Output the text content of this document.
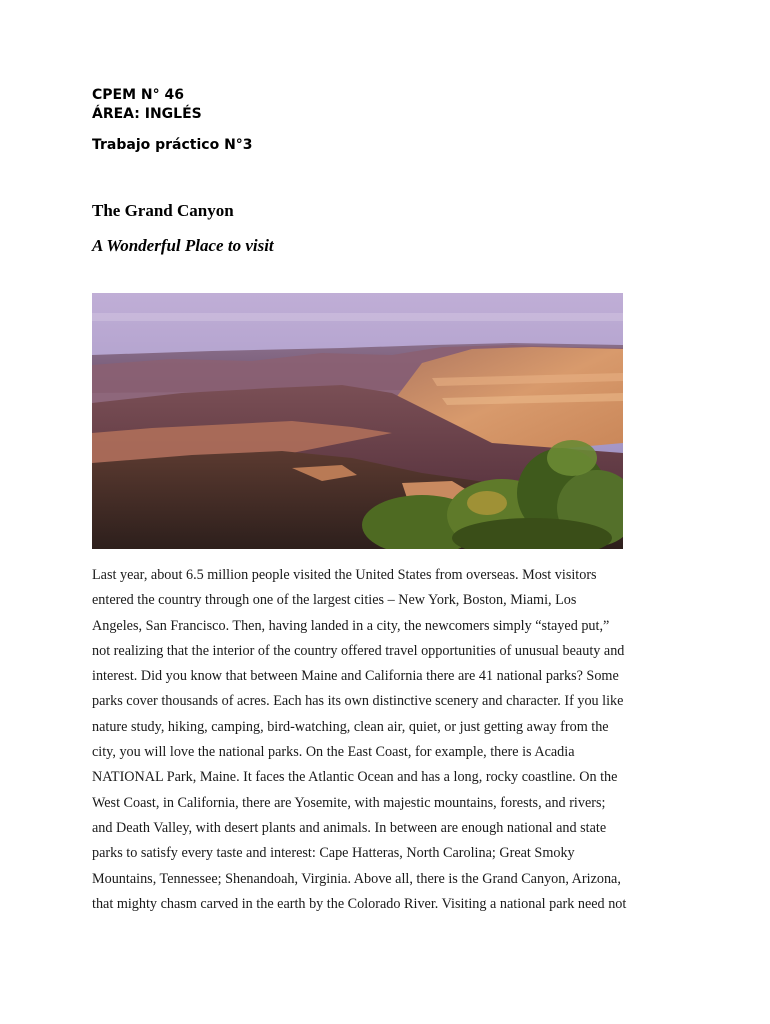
CPEM N° 46
ÁREA: INGLÉS
Trabajo práctico N°3
The Grand Canyon
A Wonderful Place to visit
Last year, about 6.5 million people visited the United States from overseas. Most visitors
entered the country through one of the largest cities – New York, Boston, Miami, Los
Angeles, San Francisco. Then, having landed in a city, the newcomers simply “stayed put,”
not realizing that the interior of the country offered travel opportunities of unusual beauty and
interest. Did you know that between Maine and California there are 41 national parks? Some
parks cover thousands of acres. Each has its own distinctive scenery and character. If you like
nature study, hiking, camping, bird-watching, clean air, quiet, or just getting away from the
city, you will love the national parks. On the East Coast, for example, there is Acadia
NATIONAL Park, Maine. It faces the Atlantic Ocean and has a long, rocky coastline. On the
West Coast, in California, there are Yosemite, with majestic mountains, forests, and rivers;
and Death Valley, with desert plants and animals. In between are enough national and state
parks to satisfy every taste and interest: Cape Hatteras, North Carolina; Great Smoky
Mountains, Tennessee; Shenandoah, Virginia. Above all, there is the Grand Canyon, Arizona,
that mighty chasm carved in the earth by the Colorado River. Visiting a national park need not
